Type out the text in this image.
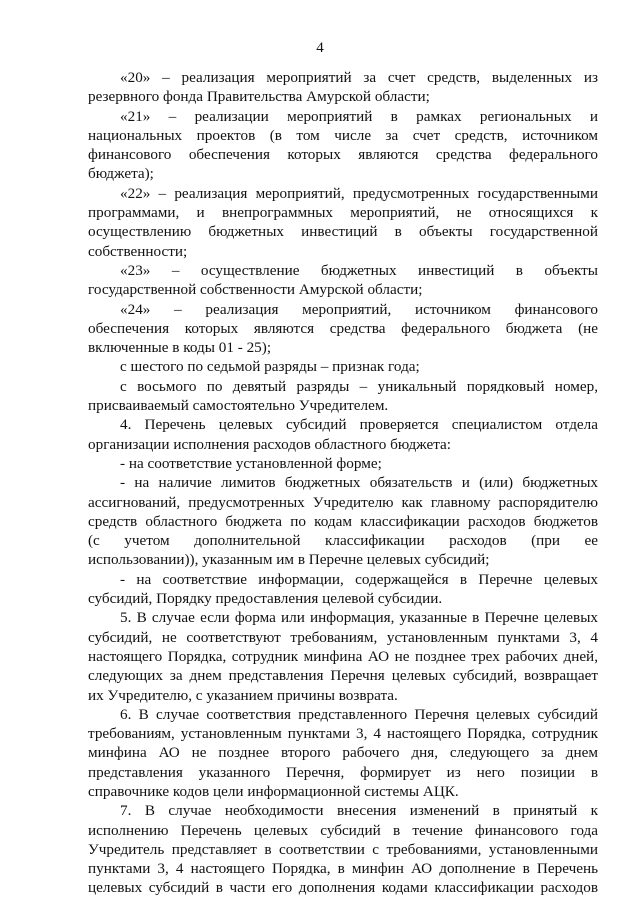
4
«20» – реализация мероприятий за счет средств, выделенных из
резервного фонда Правительства Амурской области;
«21» – реализации мероприятий в рамках региональных и
национальных проектов (в том числе за счет средств, источником
финансового обеспечения которых являются средства федерального
бюджета);
«22» – реализация мероприятий, предусмотренных государственными
программами, и внепрограммных мероприятий, не относящихся к
осуществлению бюджетных инвестиций в объекты государственной
собственности;
«23» – осуществление бюджетных инвестиций в объекты
государственной собственности Амурской области;
«24» – реализация мероприятий, источником финансового
обеспечения которых являются средства федерального бюджета (не
включенные в коды 01 - 25);
с шестого по седьмой разряды – признак года;
с восьмого по девятый разряды – уникальный порядковый номер,
присваиваемый самостоятельно Учредителем.
4. Перечень целевых субсидий проверяется специалистом отдела
организации исполнения расходов областного бюджета:
- на соответствие установленной форме;
- на наличие лимитов бюджетных обязательств и (или) бюджетных
ассигнований, предусмотренных Учредителю как главному распорядителю
средств областного бюджета по кодам классификации расходов бюджетов
(с учетом дополнительной классификации расходов (при ее
использовании)), указанным им в Перечне целевых субсидий;
- на соответствие информации, содержащейся в Перечне целевых
субсидий, Порядку предоставления целевой субсидии.
5. В случае если форма или информация, указанные в Перечне целевых
субсидий, не соответствуют требованиям, установленным пунктами 3, 4
настоящего Порядка, сотрудник минфина АО не позднее трех рабочих дней,
следующих за днем представления Перечня целевых субсидий, возвращает
их Учредителю, с указанием причины возврата.
6. В случае соответствия представленного Перечня целевых субсидий
требованиям, установленным пунктами 3, 4 настоящего Порядка, сотрудник
минфина АО не позднее второго рабочего дня, следующего за днем
представления указанного Перечня, формирует из него позиции в
справочнике кодов цели информационной системы АЦК.
7. В случае необходимости внесения изменений в принятый к
исполнению Перечень целевых субсидий в течение финансового года
Учредитель представляет в соответствии с требованиями, установленными
пунктами 3, 4 настоящего Порядка, в минфин АО дополнение в Перечень
целевых субсидий в части его дополнения кодами классификации расходов
